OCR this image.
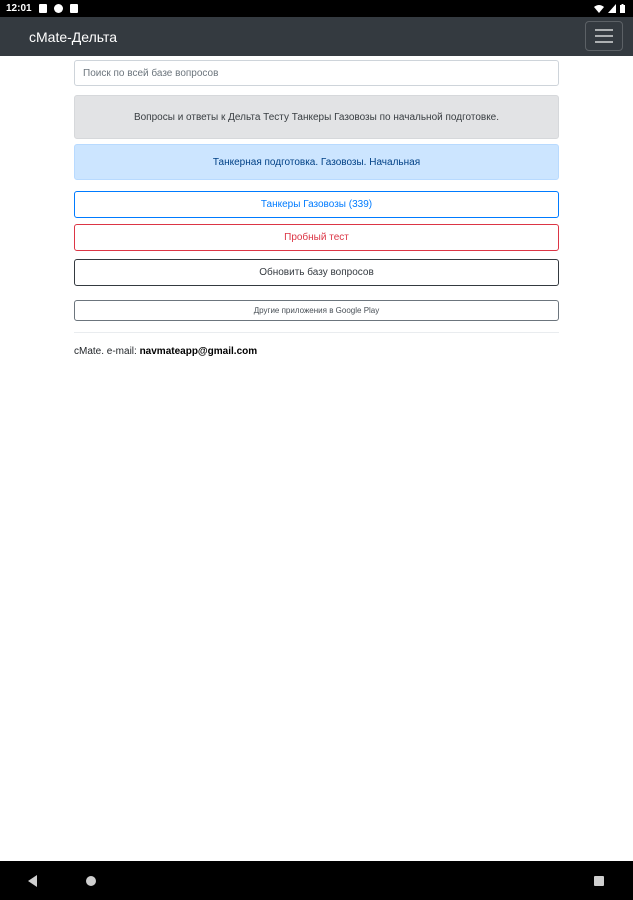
12:01
cMate-Дельта
Поиск по всей базе вопросов
Вопросы и ответы к Дельта Тесту Танкеры Газовозы по начальной подготовке.
Танкерная подготовка. Газовозы. Начальная
Танкеры Газовозы (339)
Пробный тест
Обновить базу вопросов
Другие приложения в Google Play
cMate. e-mail: navmateapp@gmail.com
